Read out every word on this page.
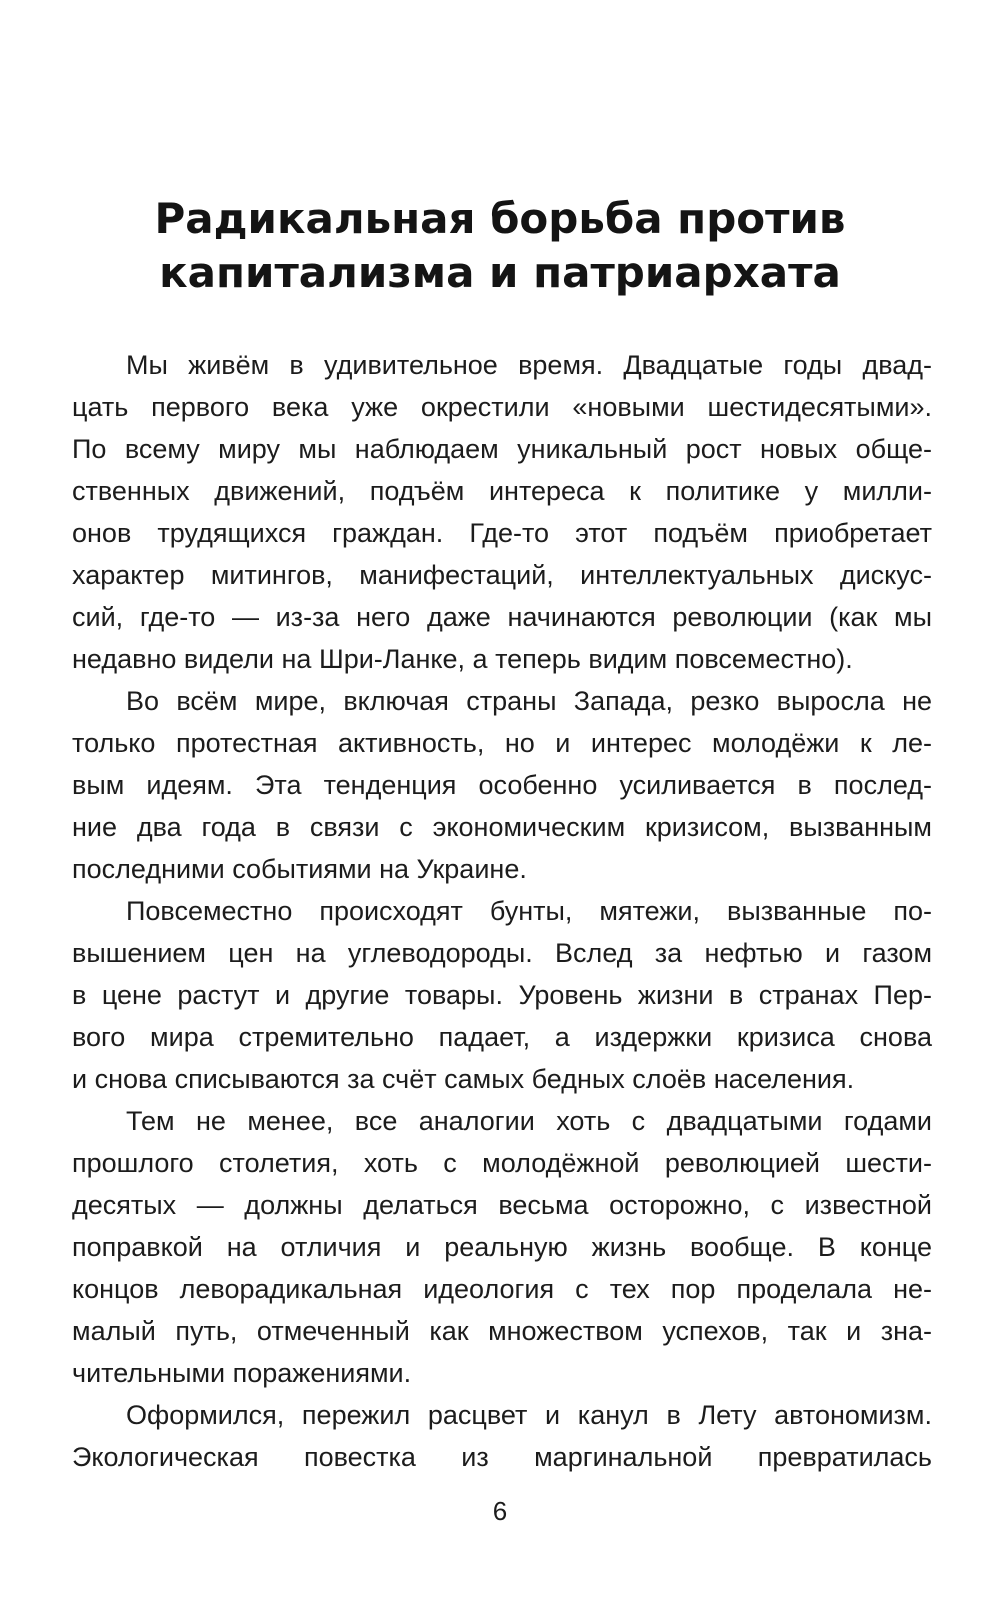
Радикальная борьба против
капитализма и патриархата
Мы живём в удивительное время. Двадцатые годы двад-
цать первого века уже окрестили «новыми шестидесятыми».
По всему миру мы наблюдаем уникальный рост новых обще-
ственных движений, подъём интереса к политике у милли-
онов трудящихся граждан. Где-то этот подъём приобретает
характер митингов, манифестаций, интеллектуальных дискус-
сий, где-то — из-за него даже начинаются революции (как мы
недавно видели на Шри-Ланке, а теперь видим повсеместно).
Во всём мире, включая страны Запада, резко выросла не
только протестная активность, но и интерес молодёжи к ле-
вым идеям. Эта тенденция особенно усиливается в послед-
ние два года в связи с экономическим кризисом, вызванным
последними событиями на Украине.
Повсеместно происходят бунты, мятежи, вызванные по-
вышением цен на углеводороды. Вслед за нефтью и газом
в цене растут и другие товары. Уровень жизни в странах Пер-
вого мира стремительно падает, а издержки кризиса снова
и снова списываются за счёт самых бедных слоёв населения.
Тем не менее, все аналогии хоть с двадцатыми годами
прошлого столетия, хоть с молодёжной революцией шести-
десятых — должны делаться весьма осторожно, с известной
поправкой на отличия и реальную жизнь вообще. В конце
концов леворадикальная идеология с тех пор проделала не-
малый путь, отмеченный как множеством успехов, так и зна-
чительными поражениями.
Оформился, пережил расцвет и канул в Лету автономизм.
Экологическая повестка из маргинальной превратилась
6
